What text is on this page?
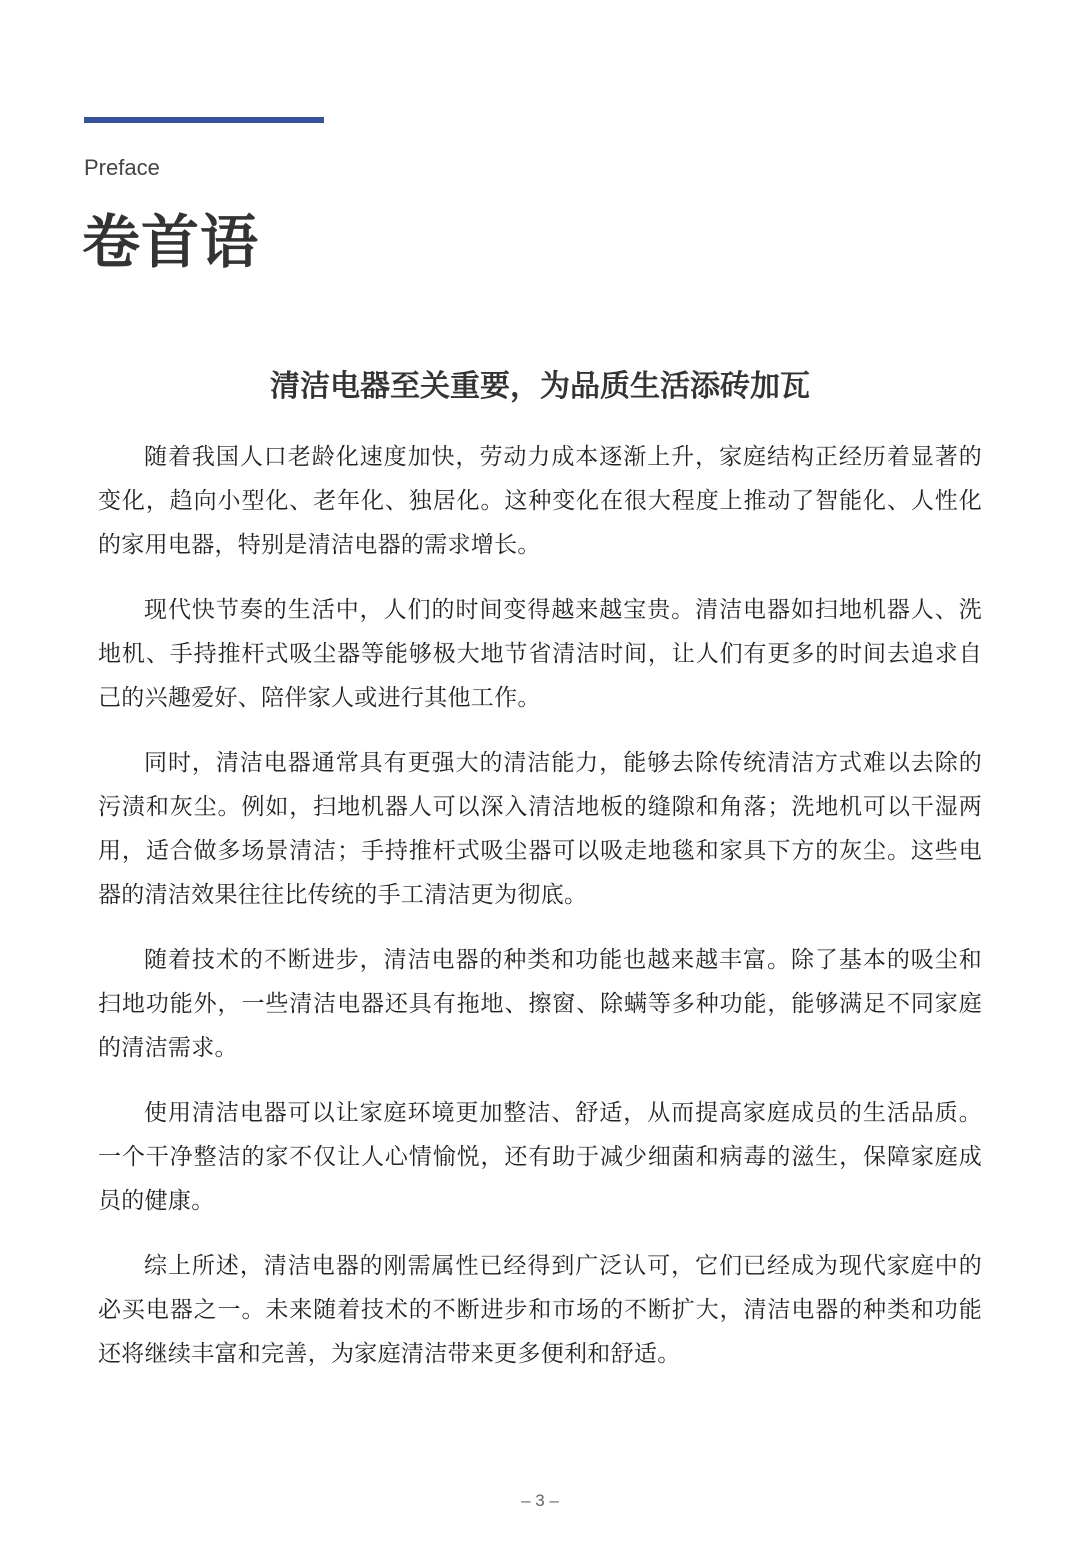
Preface
卷首语
清洁电器至关重要，为品质生活添砖加瓦

随着我国人口老龄化速度加快，劳动力成本逐渐上升，家庭结构正经历着显著的变化，趋向小型化、老年化、独居化。这种变化在很大程度上推动了智能化、人性化的家用电器，特别是清洁电器的需求增长。

现代快节奏的生活中，人们的时间变得越来越宝贵。清洁电器如扫地机器人、洗地机、手持推杆式吸尘器等能够极大地节省清洁时间，让人们有更多的时间去追求自己的兴趣爱好、陪伴家人或进行其他工作。

同时，清洁电器通常具有更强大的清洁能力，能够去除传统清洁方式难以去除的污渍和灰尘。例如，扫地机器人可以深入清洁地板的缝隙和角落；洗地机可以干湿两用，适合做多场景清洁；手持推杆式吸尘器可以吸走地毯和家具下方的灰尘。这些电器的清洁效果往往比传统的手工清洁更为彻底。

随着技术的不断进步，清洁电器的种类和功能也越来越丰富。除了基本的吸尘和扫地功能外，一些清洁电器还具有拖地、擦窗、除螨等多种功能，能够满足不同家庭的清洁需求。

使用清洁电器可以让家庭环境更加整洁、舒适，从而提高家庭成员的生活品质。一个干净整洁的家不仅让人心情愉悦，还有助于减少细菌和病毒的滋生，保障家庭成员的健康。

综上所述，清洁电器的刚需属性已经得到广泛认可，它们已经成为现代家庭中的必买电器之一。未来随着技术的不断进步和市场的不断扩大，清洁电器的种类和功能还将继续丰富和完善，为家庭清洁带来更多便利和舒适。

– 3 –
